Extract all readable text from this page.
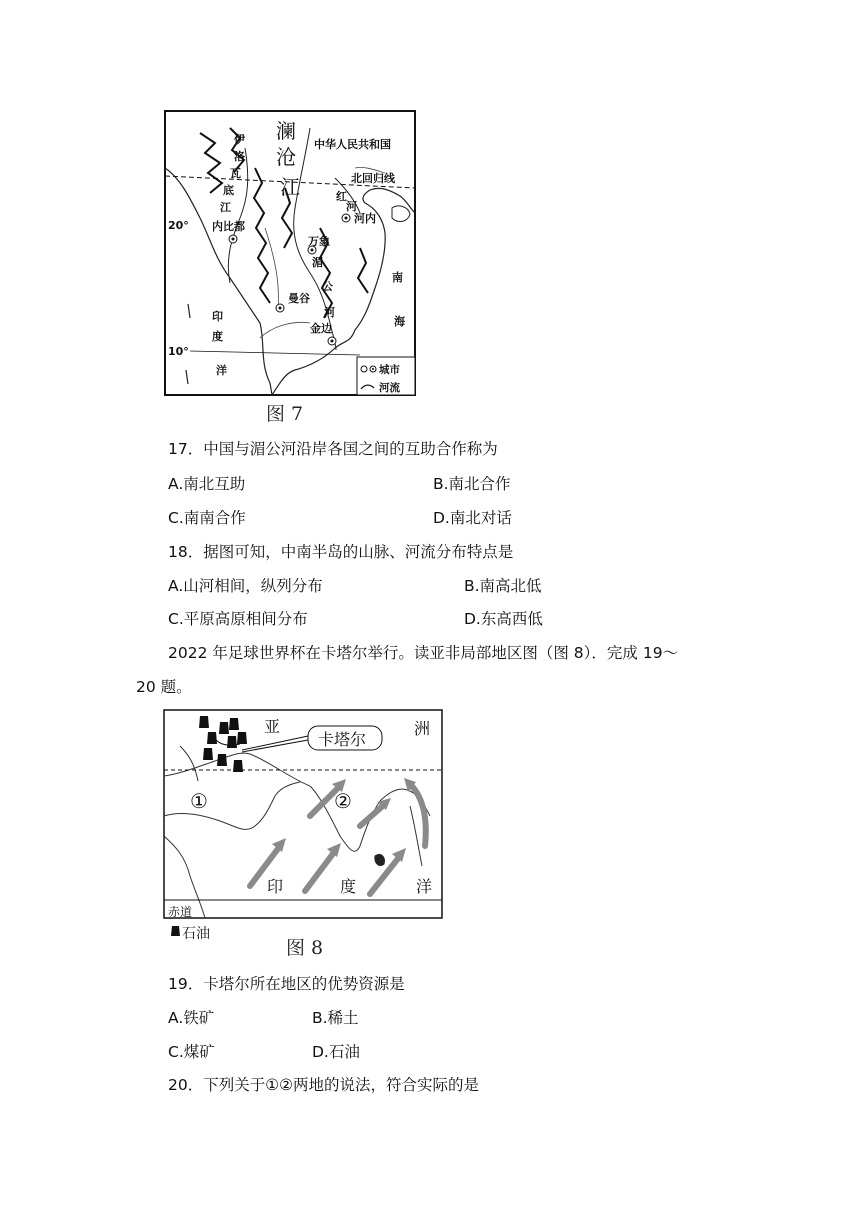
澜
沧
江
中华人民共和国
北回归线
伊
洛
瓦
底
江
红
河
河内
20° 内比都
万象
湄
公
河
曼谷
金边
南
海
印
度
洋
10°
城市
河流
图 7
17．中国与湄公河沿岸各国之间的互助合作称为
A.南北互助	B.南北合作
C.南南合作	D.南北对话
18．据图可知，中南半岛的山脉、河流分布特点是
A.山河相间，纵列分布	B.南高北低
C.平原高原相间分布	D.东高西低
2022 年足球世界杯在卡塔尔举行。读亚非局部地区图（图 8）．完成 19～
20 题。
卡塔尔
亚	洲
①	②
印	度	洋
赤道
石油
图 8
19．卡塔尔所在地区的优势资源是
A.铁矿	B.稀土
C.煤矿	D.石油
20．下列关于①②两地的说法，符合实际的是
